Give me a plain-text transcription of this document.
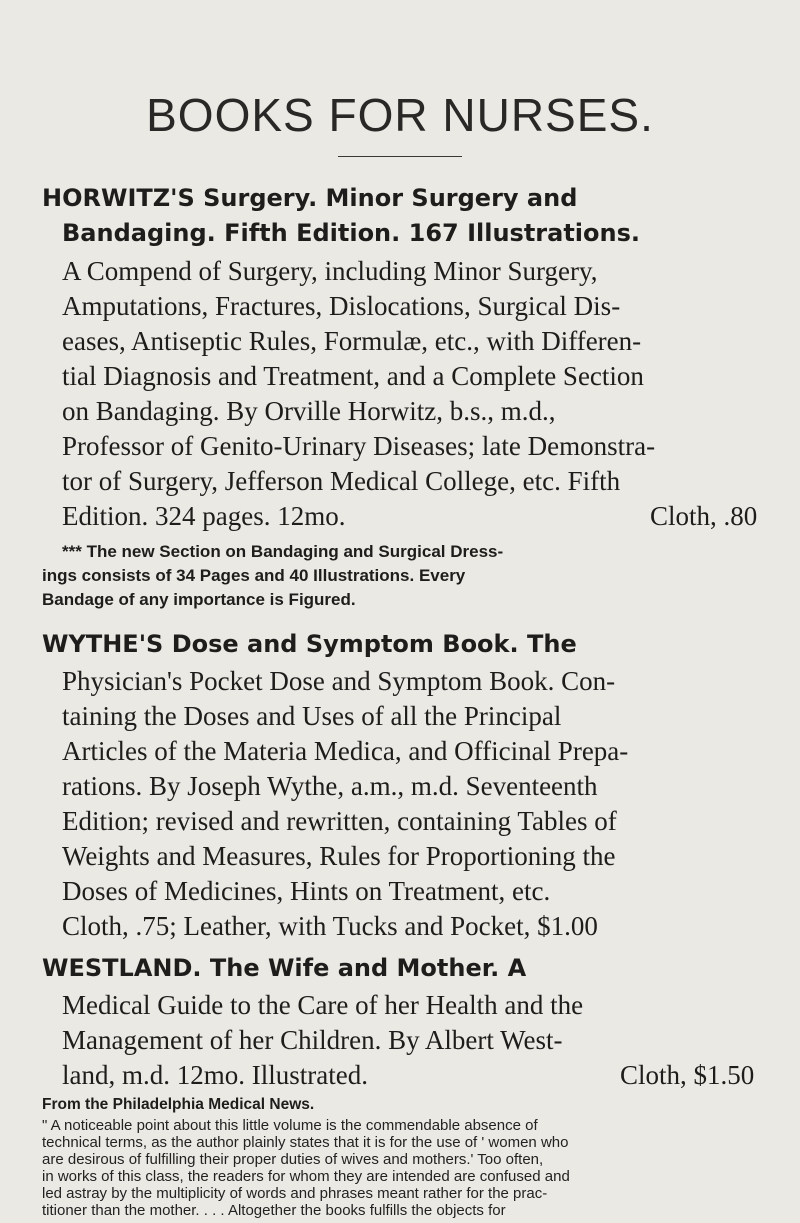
BOOKS FOR NURSES.
HORWITZ'S Surgery. Minor Surgery and
Bandaging. Fifth Edition. 167 Illustrations.
A Compend of Surgery, including Minor Surgery,
Amputations, Fractures, Dislocations, Surgical Dis-
eases, Antiseptic Rules, Formulæ, etc., with Differen-
tial Diagnosis and Treatment, and a Complete Section
on Bandaging. By Orville Horwitz, b.s., m.d.,
Professor of Genito-Urinary Diseases; late Demonstra-
tor of Surgery, Jefferson Medical College, etc. Fifth
Edition. 324 pages. 12mo.	Cloth, .80
*** The new Section on Bandaging and Surgical Dress-
ings consists of 34 Pages and 40 Illustrations. Every
Bandage of any importance is Figured.
WYTHE'S Dose and Symptom Book. The
Physician's Pocket Dose and Symptom Book. Con-
taining the Doses and Uses of all the Principal
Articles of the Materia Medica, and Officinal Prepa-
rations. By Joseph Wythe, a.m., m.d. Seventeenth
Edition; revised and rewritten, containing Tables of
Weights and Measures, Rules for Proportioning the
Doses of Medicines, Hints on Treatment, etc.
Cloth, .75; Leather, with Tucks and Pocket, $1.00
WESTLAND. The Wife and Mother. A
Medical Guide to the Care of her Health and the
Management of her Children. By Albert West-
land, m.d. 12mo. Illustrated.	Cloth, $1.50
From the Philadelphia Medical News.
" A noticeable point about this little volume is the commendable absence of
technical terms, as the author plainly states that it is for the use of ' women who
are desirous of fulfilling their proper duties of wives and mothers.' Too often,
in works of this class, the readers for whom they are intended are confused and
led astray by the multiplicity of words and phrases meant rather for the prac-
titioner than the mother. . . . Altogether the books fulfills the objects for
